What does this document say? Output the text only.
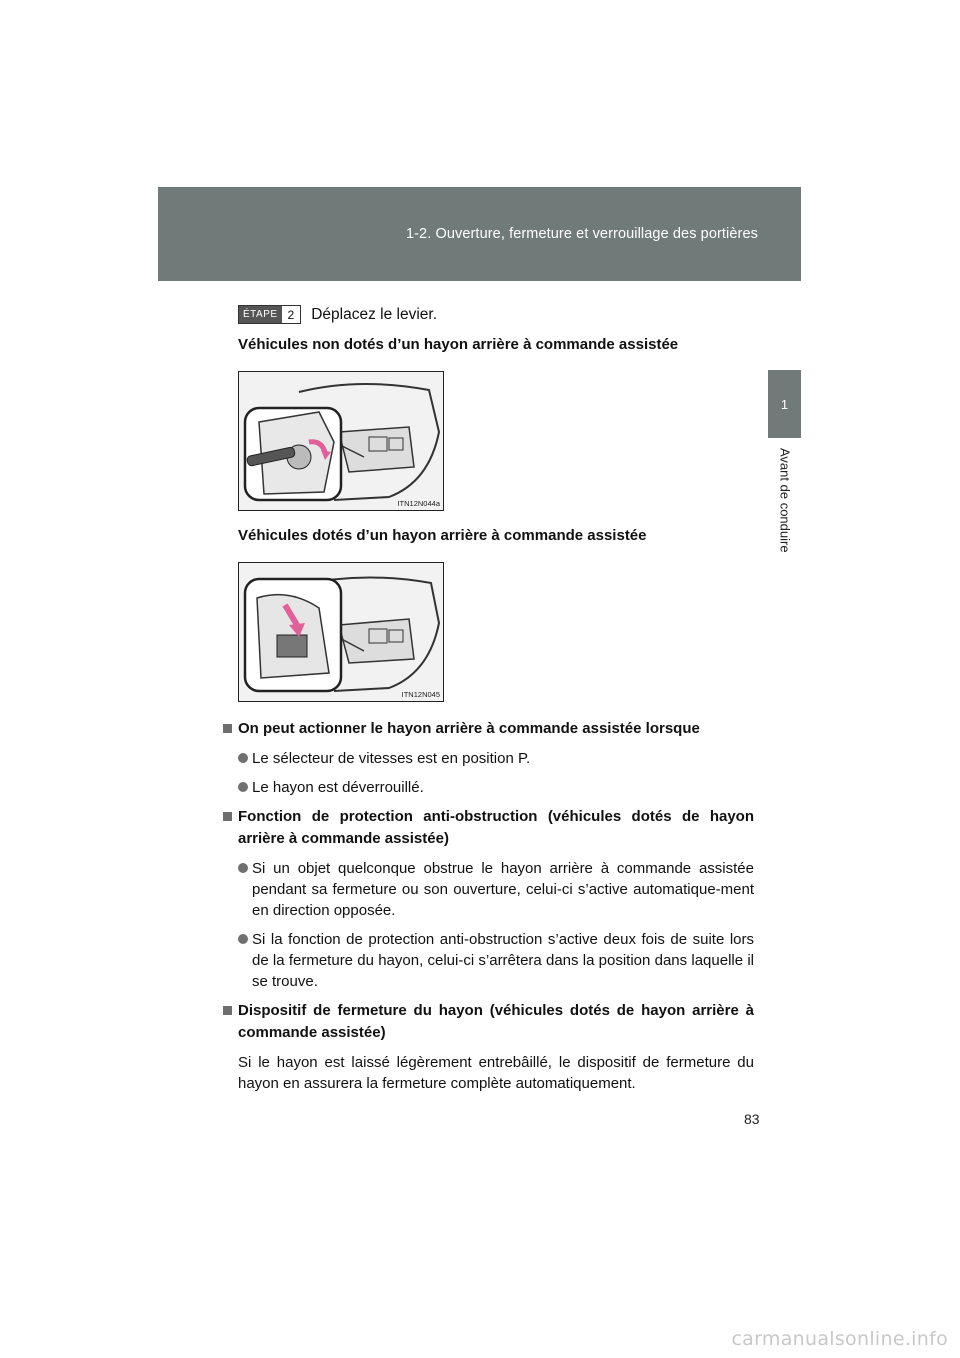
1-2. Ouverture, fermeture et verrouillage des portières
1
Avant de conduire
ÉTAPE 2	Déplacez le levier.

Véhicules non dotés d’un hayon arrière à commande assistée

ITN12N044a

Véhicules dotés d’un hayon arrière à commande assistée

ITN12N045
On peut actionner le hayon arrière à commande assistée lorsque
Le sélecteur de vitesses est en position P.
Le hayon est déverrouillé.
Fonction de protection anti-obstruction (véhicules dotés de hayon arrière à commande assistée)
Si un objet quelconque obstrue le hayon arrière à commande assistée pendant sa fermeture ou son ouverture, celui-ci s’active automatique-ment en direction opposée.
Si la fonction de protection anti-obstruction s’active deux fois de suite lors de la fermeture du hayon, celui-ci s’arrêtera dans la position dans laquelle il se trouve.
Dispositif de fermeture du hayon (véhicules dotés de hayon arrière à commande assistée)
Si le hayon est laissé légèrement entrebâillé, le dispositif de fermeture du hayon en assurera la fermeture complète automatiquement.
83
carmanualsonline.info
